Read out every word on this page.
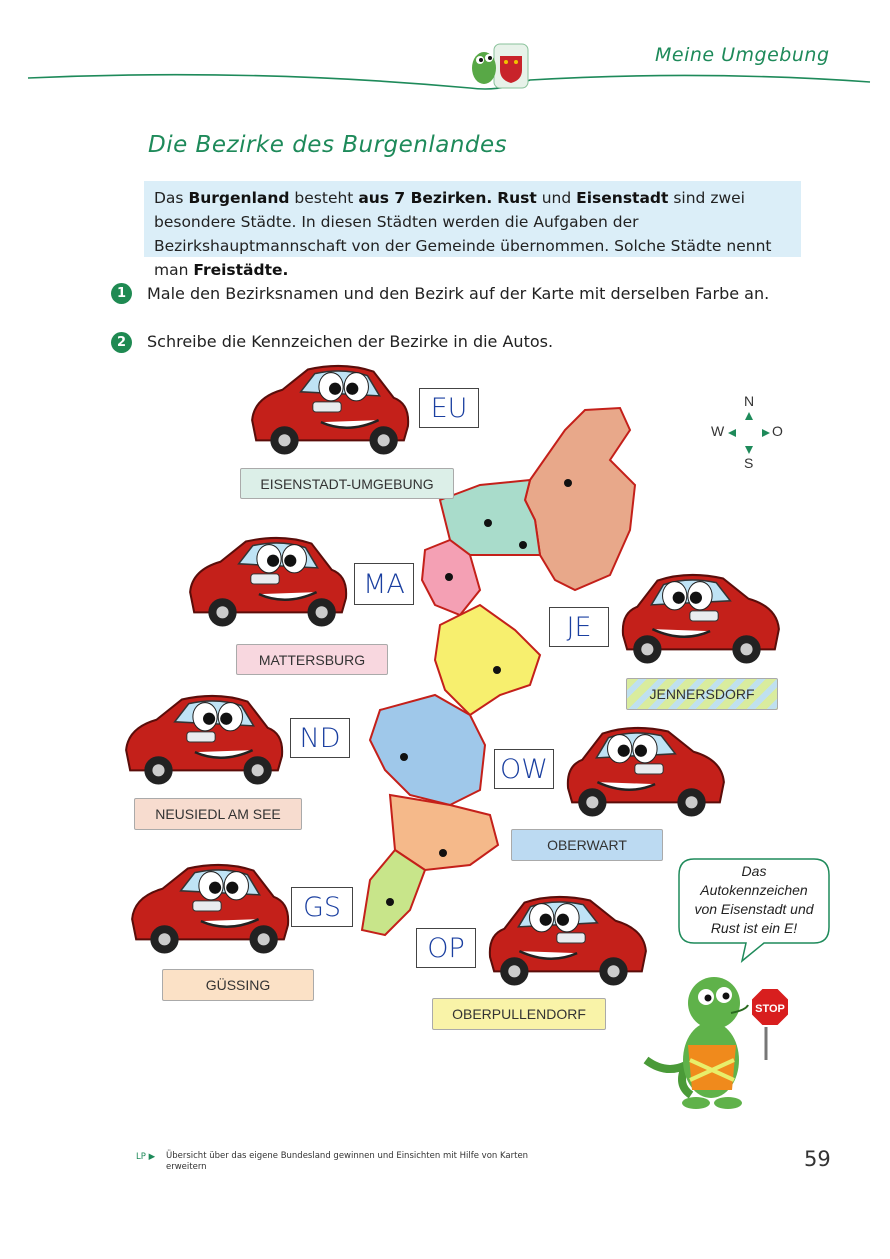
Meine Umgebung
Die Bezirke des Burgenlandes
Das Burgenland besteht aus 7 Bezirken. Rust und Eisenstadt sind zwei besondere Städte. In diesen Städten werden die Aufgaben der Bezirkshauptmannschaft von der Gemeinde übernommen. Solche Städte nennt man Freistädte.
1	Male den Bezirksnamen und den Bezirk auf der Karte mit derselben Farbe an.
2	Schreibe die Kennzeichen der Bezirke in die Autos.
N
W	O
S
EU
MA
ND
GS
JE
OW
OP
EISENSTADT-UMGEBUNG
MATTERSBURG
NEUSIEDL AM SEE
GÜSSING
JENNERSDORF
OBERWART
OBERPULLENDORF
Das
Autokennzeichen
von Eisenstadt und
Rust ist ein E!
STOP
LP ▶ Übersicht über das eigene Bundesland gewinnen und Einsichten mit Hilfe von Karten erweitern	59
